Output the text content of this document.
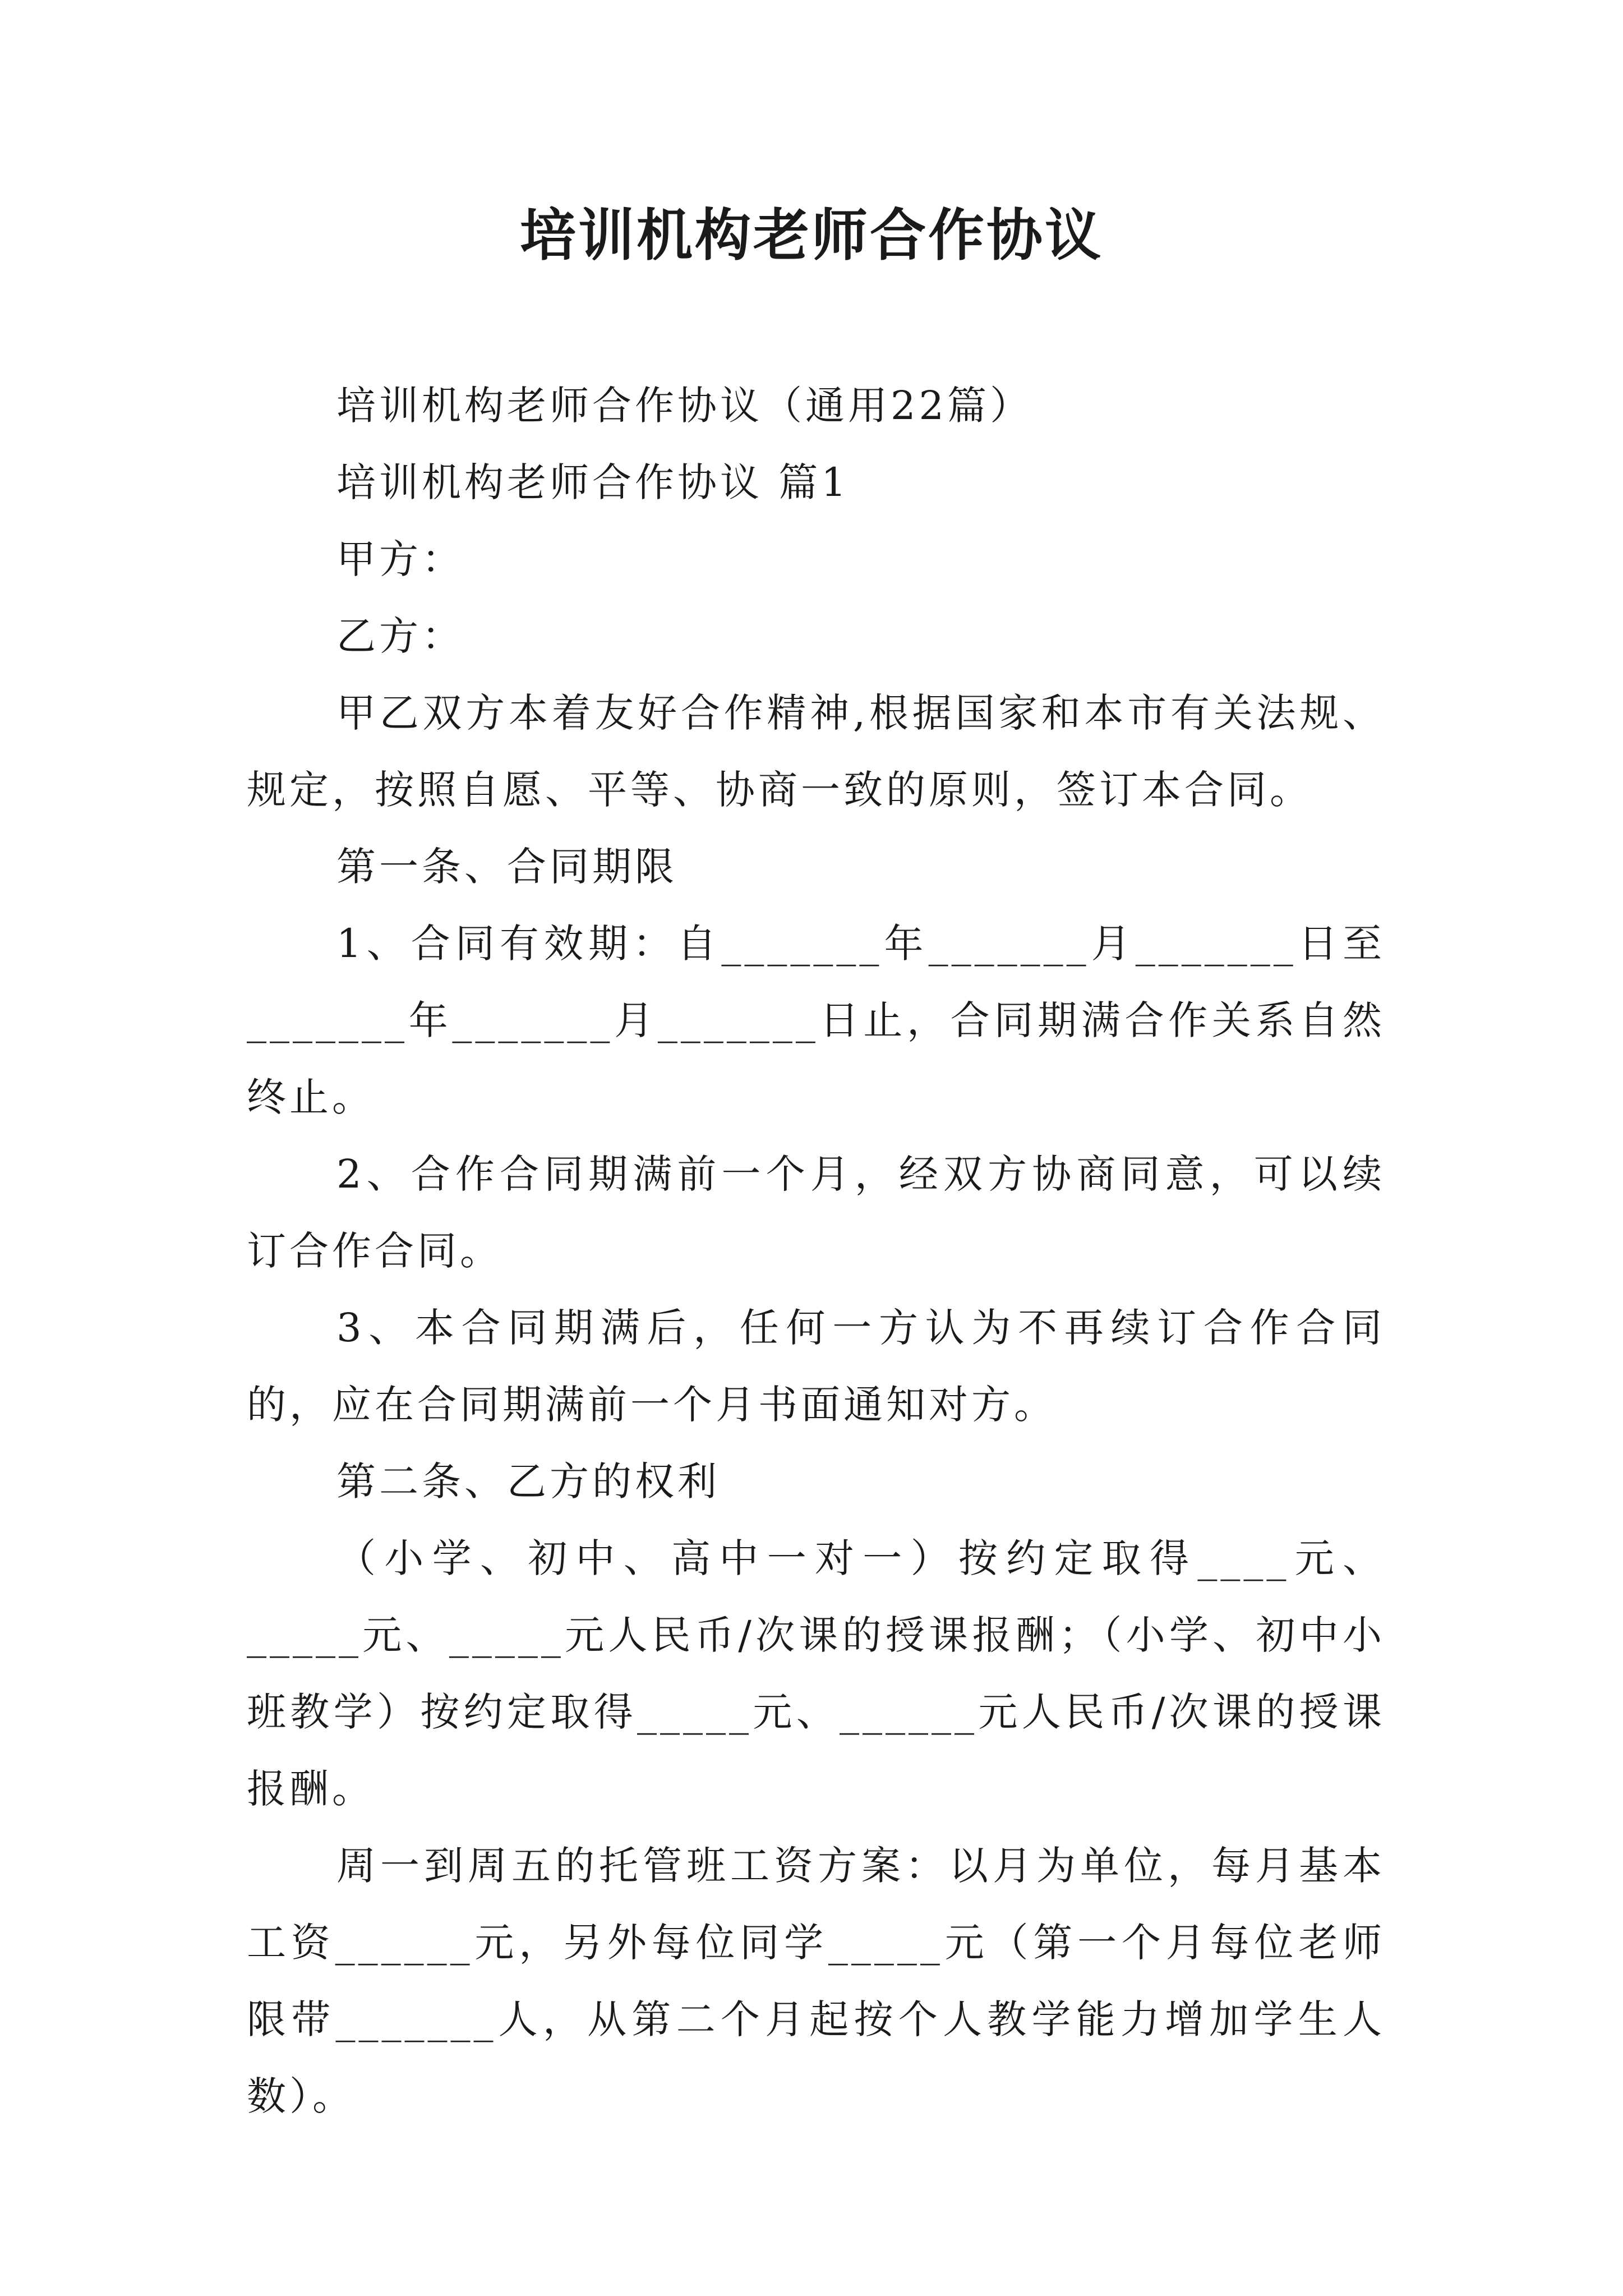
培训机构老师合作协议

培训机构老师合作协议（通用22篇）

培训机构老师合作协议 篇1

甲方：

乙方：

甲乙双方本着友好合作精神,根据国家和本市有关法规、规定，按照自愿、平等、协商一致的原则，签订本合同。

第一条、合同期限

1、合同有效期：自_______年_______月_______日至_______年_______月_______日止，合同期满合作关系自然终止。

2、合作合同期满前一个月，经双方协商同意，可以续订合作合同。

3、本合同期满后，任何一方认为不再续订合作合同的，应在合同期满前一个月书面通知对方。

第二条、乙方的权利

（小学、初中、高中一对一）按约定取得____元、_____元、_____元人民币/次课的授课报酬；（小学、初中小班教学）按约定取得_____元、______元人民币/次课的授课报酬。

周一到周五的托管班工资方案：以月为单位，每月基本工资______元，另外每位同学_____元（第一个月每位老师限带_______人，从第二个月起按个人教学能力增加学生人数）。
